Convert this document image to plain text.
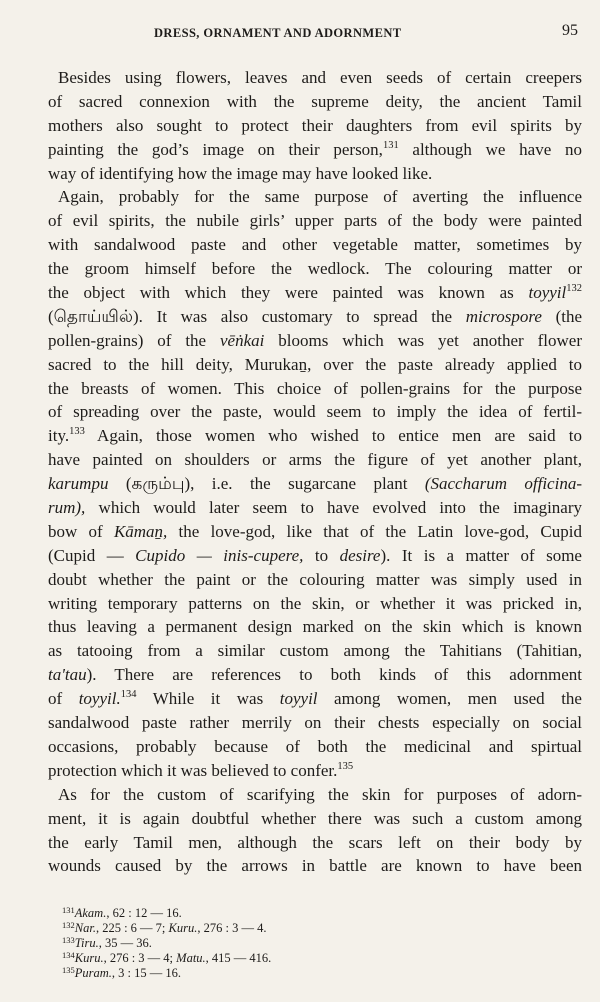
DRESS, ORNAMENT AND ADORNMENT	95
Besides using flowers, leaves and even seeds of certain creepers
of sacred connexion with the supreme deity, the ancient Tamil
mothers also sought to protect their daughters from evil spirits by
painting the god’s image on their person,$^{131}$ although we have no
way of identifying how the image may have looked like.
Again, probably for the same purpose of averting the influence
of evil spirits, the nubile girls’ upper parts of the body were painted
with sandalwood paste and other vegetable matter, sometimes by
the groom himself before the wedlock. The colouring matter or
the object with which they were painted was known as toyyil$^{132}$
(தொய்யில்). It was also customary to spread the microspore (the
pollen-grains) of the vēṅkai blooms which was yet another flower
sacred to the hill deity, Murukaṉ, over the paste already applied to
the breasts of women. This choice of pollen-grains for the purpose
of spreading over the paste, would seem to imply the idea of fertil-
ity.$^{133}$ Again, those women who wished to entice men are said to
have painted on shoulders or arms the figure of yet another plant,
karumpu (கரும்பு), i.e. the sugarcane plant (Saccharum officina-
rum), which would later seem to have evolved into the imaginary
bow of Kāmaṉ, the love-god, like that of the Latin love-god, Cupid
(Cupid — Cupido — inis-cupere, to desire). It is a matter of some
doubt whether the paint or the colouring matter was simply used in
writing temporary patterns on the skin, or whether it was pricked in,
thus leaving a permanent design marked on the skin which is known
as tatooing from a similar custom among the Tahitians (Tahitian,
ta'tau). There are references to both kinds of this adornment
of toyyil.$^{134}$ While it was toyyil among women, men used the
sandalwood paste rather merrily on their chests especially on social
occasions, probably because of both the medicinal and spirtual
protection which it was believed to confer.$^{135}$
As for the custom of scarifying the skin for purposes of adorn-
ment, it is again doubtful whether there was such a custom among
the early Tamil men, although the scars left on their body by
wounds caused by the arrows in battle are known to have been
$^{131}$Akam., 62 : 12 — 16.
$^{132}$Nar., 225 : 6 — 7; Kuru., 276 : 3 — 4.
$^{133}$Tiru., 35 — 36.
$^{134}$Kuru., 276 : 3 — 4; Matu., 415 — 416.
$^{135}$Puram., 3 : 15 — 16.
